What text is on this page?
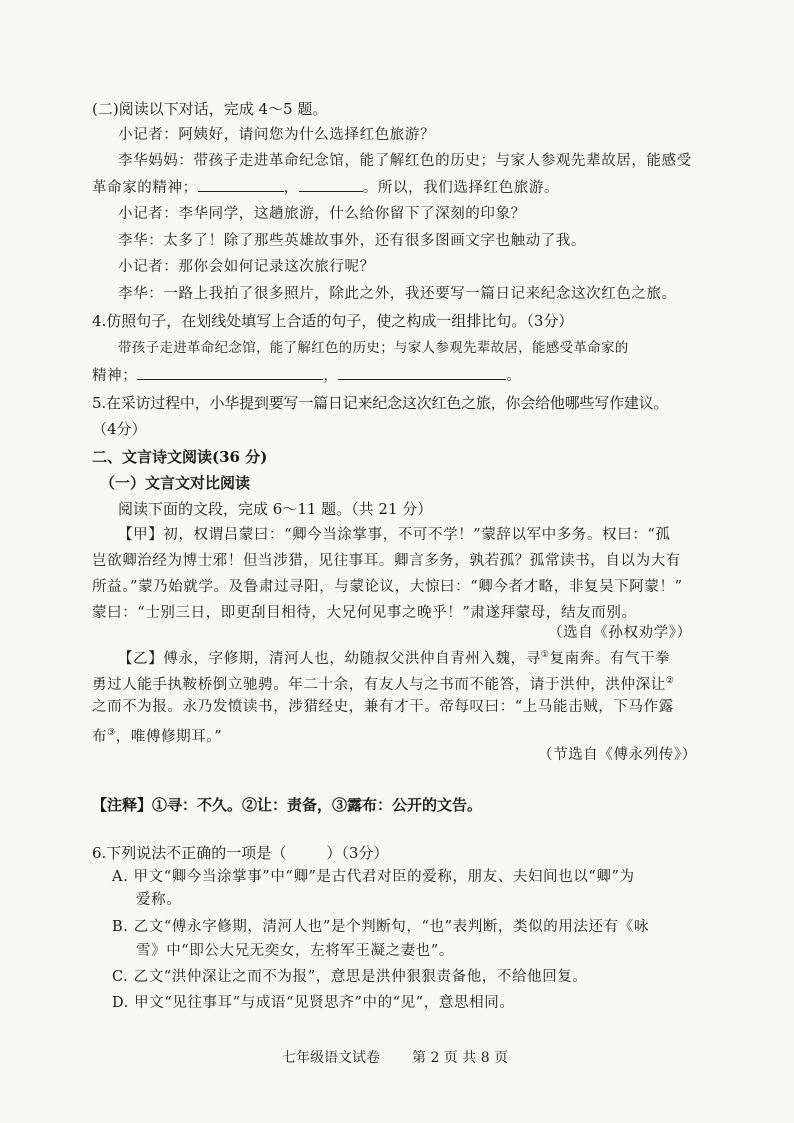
(二)阅读以下对话，完成 4～5 题。
小记者：阿姨好，请问您为什么选择红色旅游？
李华妈妈：带孩子走进革命纪念馆，能了解红色的历史；与家人参观先辈故居，能感受
革命家的精神；	，	。所以，我们选择红色旅游。
小记者：李华同学，这趟旅游，什么给你留下了深刻的印象？
李华：太多了！除了那些英雄故事外，还有很多图画文字也触动了我。
小记者：那你会如何记录这次旅行呢？
李华：一路上我拍了很多照片，除此之外，我还要写一篇日记来纪念这次红色之旅。
4.仿照句子，在划线处填写上合适的句子，使之构成一组排比句。（3分）
带孩子走进革命纪念馆，能了解红色的历史；与家人参观先辈故居，能感受革命家的
精神；	，	。
5.在采访过程中，小华提到要写一篇日记来纪念这次红色之旅，你会给他哪些写作建议。
（4分）
二、文言诗文阅读(36 分)
（一）文言文对比阅读
阅读下面的文段，完成 6～11 题。（共 21 分）
【甲】初，权谓吕蒙曰：“卿今当涂掌事，不可不学！”蒙辞以军中多务。权曰：“孤
岂欲卿治经为博士邪！但当涉猎，见往事耳。卿言多务，孰若孤？孤常读书，自以为大有
所益。”蒙乃始就学。及鲁肃过寻阳，与蒙论议，大惊曰：“卿今者才略，非复吴下阿蒙！”
蒙曰：“士别三日，即更刮目相待，大兄何见事之晚乎！”肃遂拜蒙母，结友而别。
（选自《孙权劝学》）
【乙】傅永，字修期，清河人也，幼随叔父洪仲自青州入魏，寻①复南奔。有气干拳
勇过人能手执鞍桥倒立驰骋。年二十余，有友人与之书而不能答，请于洪仲，洪仲深让②
之而不为报。永乃发愤读书，涉猎经史，兼有才干。帝每叹曰：“上马能击贼，下马作露
布③，唯傅修期耳。”
（节选自《傅永列传》）
【注释】①寻：不久。②让：责备，③露布：公开的文告。
6.下列说法不正确的一项是（	）（3分）
A. 甲文“卿今当涂掌事”中“卿”是古代君对臣的爱称，朋友、夫妇间也以“卿”为
爱称。
B. 乙文“傅永字修期，清河人也”是个判断句，“也”表判断，类似的用法还有《咏
雪》中“即公大兄无奕女，左将军王凝之妻也”。
C. 乙文“洪仲深让之而不为报”，意思是洪仲狠狠责备他，不给他回复。
D. 甲文“见往事耳”与成语“见贤思齐”中的“见”，意思相同。
七年级语文试卷 第 2 页 共 8 页
